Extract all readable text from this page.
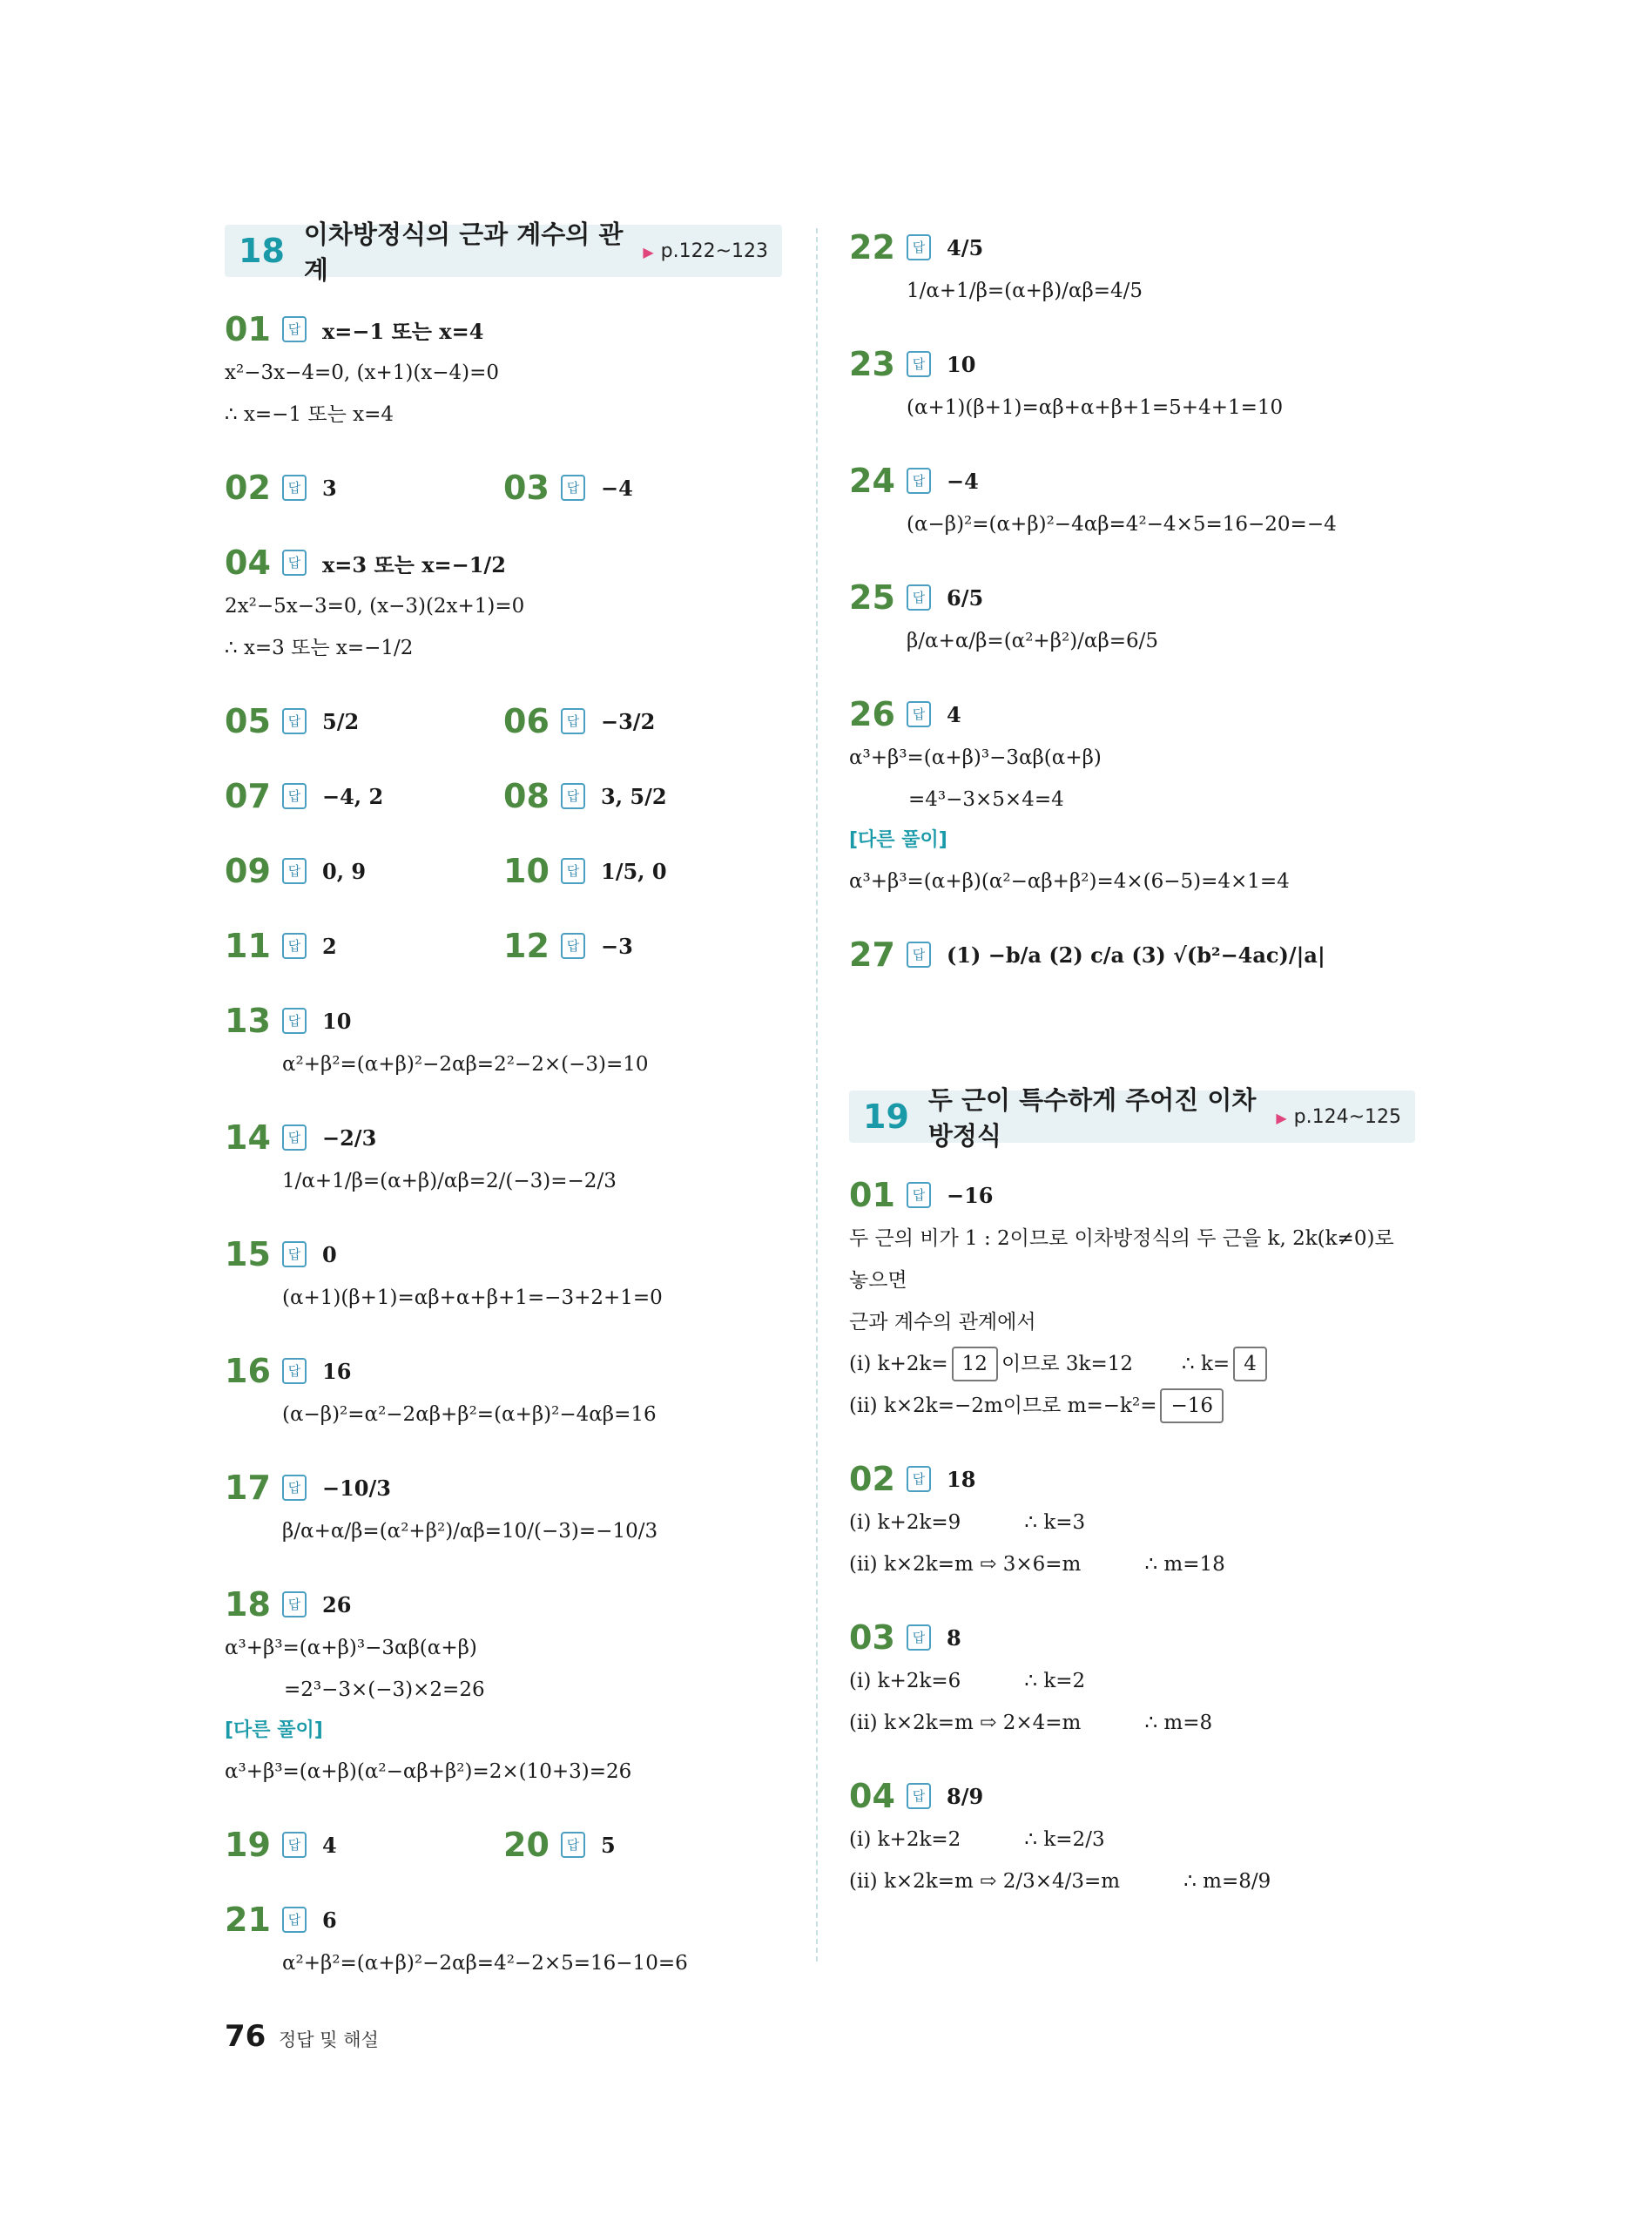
18 이차방정식의 근과 계수의 관계
▶ p.122~123
01	답 x=−1 또는 x=4
x²−3x−4=0, (x+1)(x−4)=0
∴ x=−1 또는 x=4
02	답 3	03	답 −4
04	답 x=3 또는 x=−1/2
2x²−5x−3=0, (x−3)(2x+1)=0
∴ x=3 또는 x=−1/2
05	답 5/2	06	답 −3/2
07	답 −4, 2	08	답 3, 5/2
09	답 0, 9	10	답 1/5, 0
11	답 2	12	답 −3
13	답 10
α²+β²=(α+β)²−2αβ=2²−2×(−3)=10
14	답 −2/3
1/α+1/β=(α+β)/αβ=2/(−3)=−2/3
15	답 0
(α+1)(β+1)=αβ+α+β+1=−3+2+1=0
16	답 16
(α−β)²=α²−2αβ+β²=(α+β)²−4αβ=16
17	답 −10/3
β/α+α/β=(α²+β²)/αβ=10/(−3)=−10/3
18	답 26
α³+β³=(α+β)³−3αβ(α+β)
=2³−3×(−3)×2=26
[다른 풀이]
α³+β³=(α+β)(α²−αβ+β²)=2×(10+3)=26
19	답 4	20	답 5
21	답 6
α²+β²=(α+β)²−2αβ=4²−2×5=16−10=6
22	답 4/5
1/α+1/β=(α+β)/αβ=4/5
23	답 10
(α+1)(β+1)=αβ+α+β+1=5+4+1=10
24	답 −4
(α−β)²=(α+β)²−4αβ=4²−4×5=16−20=−4
25	답 6/5
β/α+α/β=(α²+β²)/αβ=6/5
26	답 4
α³+β³=(α+β)³−3αβ(α+β)
=4³−3×5×4=4
[다른 풀이]
α³+β³=(α+β)(α²−αβ+β²)=4×(6−5)=4×1=4
27	답 (1) −b/a (2) c/a (3) √(b²−4ac)/|a|
19 두 근이 특수하게 주어진 이차방정식
▶ p.124~125
01	답 −16
두 근의 비가 1 : 2이므로 이차방정식의 두 근을 k, 2k(k≠0)로
놓으면
근과 계수의 관계에서
(ⅰ) k+2k= 12 이므로 3k=12 ∴ k= 4
(ⅱ) k×2k=−2m이므로 m=−k²= −16
02	답 18
(ⅰ) k+2k=9          ∴ k=3
(ⅱ) k×2k=m ⇨ 3×6=m          ∴ m=18
03	답 8
(ⅰ) k+2k=6          ∴ k=2
(ⅱ) k×2k=m ⇨ 2×4=m          ∴ m=8
04	답 8/9
(ⅰ) k+2k=2          ∴ k=2/3
(ⅱ) k×2k=m ⇨ 2/3×4/3=m          ∴ m=8/9
76 정답 및 해설
